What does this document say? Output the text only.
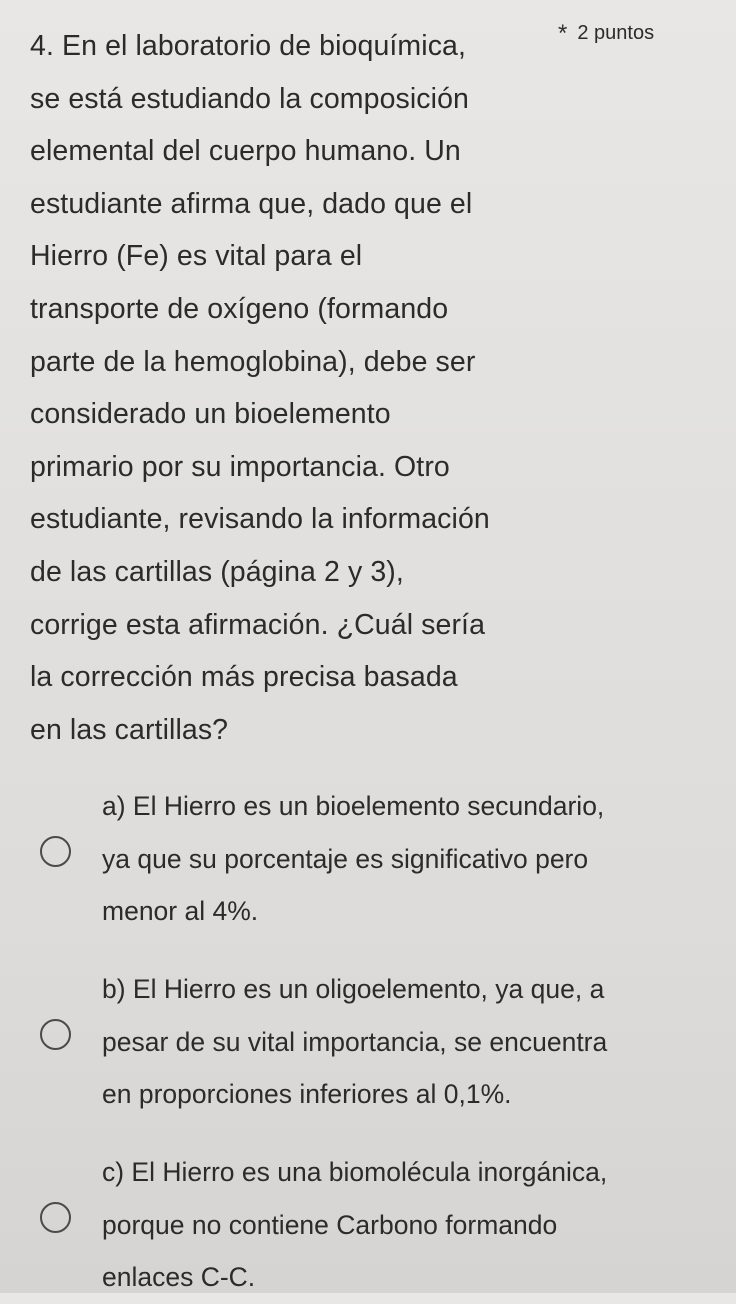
4. En el laboratorio de bioquímica,
se está estudiando la composición
elemental del cuerpo humano. Un
estudiante afirma que, dado que el
Hierro (Fe) es vital para el
transporte de oxígeno (formando
parte de la hemoglobina), debe ser
considerado un bioelemento
primario por su importancia. Otro
estudiante, revisando la información
de las cartillas (página 2 y 3),
corrige esta afirmación. ¿Cuál sería
la corrección más precisa basada
en las cartillas?

* 2 puntos
a) El Hierro es un bioelemento secundario,
ya que su porcentaje es significativo pero
menor al 4%.
b) El Hierro es un oligoelemento, ya que, a
pesar de su vital importancia, se encuentra
en proporciones inferiores al 0,1%.
c) El Hierro es una biomolécula inorgánica,
porque no contiene Carbono formando
enlaces C-C.
